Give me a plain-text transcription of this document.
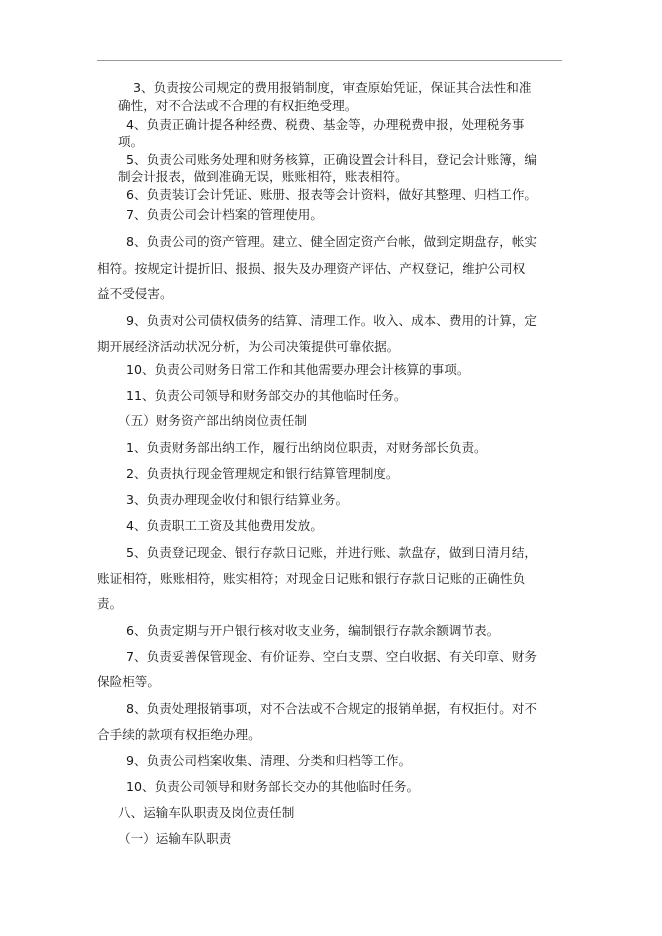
3、负责按公司规定的费用报销制度，审查原始凭证，保证其合法性和准
确性，对不合法或不合理的有权拒绝受理。
4、负责正确计提各种经费、税费、基金等，办理税费申报，处理税务事
项。
5、负责公司账务处理和财务核算，正确设置会计科目，登记会计账簿，编
制会计报表，做到准确无误，账账相符，账表相符。
6、负责装订会计凭证、账册、报表等会计资料，做好其整理、归档工作。
7、负责公司会计档案的管理使用。
8、负责公司的资产管理。建立、健全固定资产台帐，做到定期盘存，帐实
相符。按规定计提折旧、报损、报失及办理资产评估、产权登记，维护公司权
益不受侵害。
9、负责对公司债权债务的结算、清理工作。收入、成本、费用的计算，定
期开展经济活动状况分析，为公司决策提供可靠依据。
10、负责公司财务日常工作和其他需要办理会计核算的事项。
11、负责公司领导和财务部交办的其他临时任务。
（五）财务资产部出纳岗位责任制
1、负责财务部出纳工作，履行出纳岗位职责，对财务部长负责。
2、负责执行现金管理规定和银行结算管理制度。
3、负责办理现金收付和银行结算业务。
4、负责职工工资及其他费用发放。
5、负责登记现金、银行存款日记账，并进行账、款盘存，做到日清月结，
账证相符，账账相符，账实相符；对现金日记账和银行存款日记账的正确性负
责。
6、负责定期与开户银行核对收支业务，编制银行存款余额调节表。
7、负责妥善保管现金、有价证券、空白支票、空白收据、有关印章、财务
保险柜等。
8、负责处理报销事项，对不合法或不合规定的报销单据，有权拒付。对不
合手续的款项有权拒绝办理。
9、负责公司档案收集、清理、分类和归档等工作。
10、负责公司领导和财务部长交办的其他临时任务。
八、运输车队职责及岗位责任制
（一）运输车队职责
